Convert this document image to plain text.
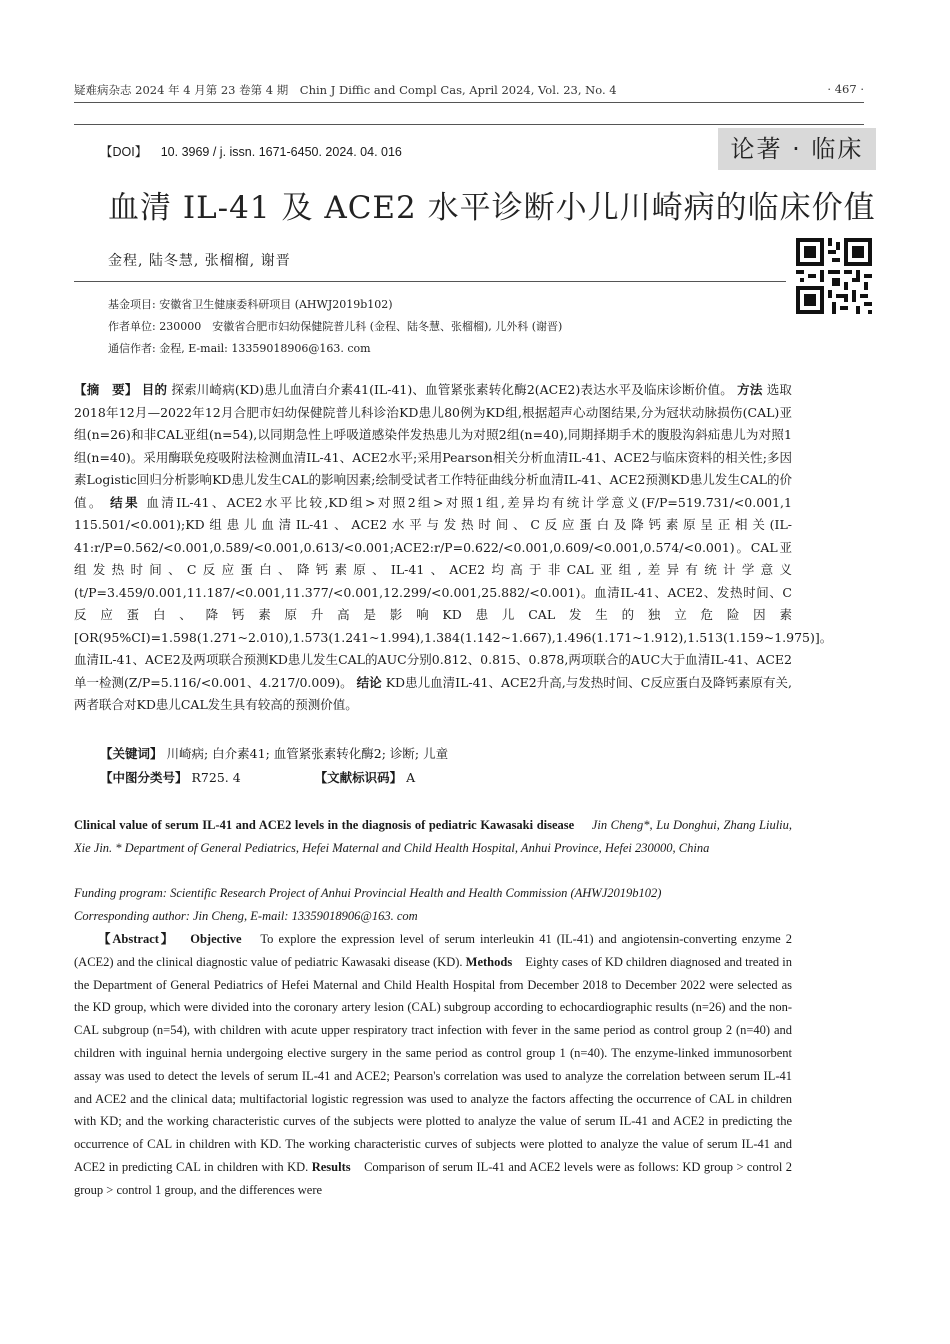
疑难病杂志 2024 年 4 月第 23 卷第 4 期　Chin J Diffic and Compl Cas, April 2024, Vol. 23, No. 4	· 467 ·
【DOI】 10. 3969 / j. issn. 1671-6450. 2024. 04. 016	论著 · 临床
血清 IL-41 及 ACE2 水平诊断小儿川崎病的临床价值
金程, 陆冬慧, 张榴榴, 谢晋
基金项目: 安徽省卫生健康委科研项目 (AHWJ2019b102)
作者单位: 230000　安徽省合肥市妇幼保健院普儿科 (金程、陆冬慧、张榴榴), 儿外科 (谢晋)
通信作者: 金程, E-mail: 13359018906@163. com
【摘　要】 目的 探索川崎病(KD)患儿血清白介素41(IL-41)、血管紧张素转化酶2(ACE2)表达水平及临床诊断价值。 方法 选取2018年12月—2022年12月合肥市妇幼保健院普儿科诊治KD患儿80例为KD组,根据超声心动图结果,分为冠状动脉损伤(CAL)亚组(n=26)和非CAL亚组(n=54),以同期急性上呼吸道感染伴发热患儿为对照2组(n=40),同期择期手术的腹股沟斜疝患儿为对照1组(n=40)。采用酶联免疫吸附法检测血清IL-41、ACE2水平;采用Pearson相关分析血清IL-41、ACE2与临床资料的相关性;多因素Logistic回归分析影响KD患儿发生CAL的影响因素;绘制受试者工作特征曲线分析血清IL-41、ACE2预测KD患儿发生CAL的价值。 结果 血清IL-41、ACE2水平比较,KD组>对照2组>对照1组,差异均有统计学意义(F/P=519.731/<0.001,1 115.501/<0.001);KD组患儿血清IL-41、ACE2水平与发热时间、C反应蛋白及降钙素原呈正相关(IL-41:r/P=0.562/<0.001,0.589/<0.001,0.613/<0.001;ACE2:r/P=0.622/<0.001,0.609/<0.001,0.574/<0.001)。CAL亚组发热时间、C反应蛋白、降钙素原、IL-41、ACE2均高于非CAL亚组,差异有统计学意义(t/P=3.459/0.001,11.187/<0.001,11.377/<0.001,12.299/<0.001,25.882/<0.001)。血清IL-41、ACE2、发热时间、C反应蛋白、降钙素原升高是影响KD患儿CAL发生的独立危险因素[OR(95%CI)=1.598(1.271~2.010),1.573(1.241~1.994),1.384(1.142~1.667),1.496(1.171~1.912),1.513(1.159~1.975)]。血清IL-41、ACE2及两项联合预测KD患儿发生CAL的AUC分别0.812、0.815、0.878,两项联合的AUC大于血清IL-41、ACE2单一检测(Z/P=5.116/<0.001、4.217/0.009)。 结论 KD患儿血清IL-41、ACE2升高,与发热时间、C反应蛋白及降钙素原有关,两者联合对KD患儿CAL发生具有较高的预测价值。
【关键词】 川崎病; 白介素41; 血管紧张素转化酶2; 诊断; 儿童
【中图分类号】 R725. 4	【文献标识码】 A
Clinical value of serum IL-41 and ACE2 levels in the diagnosis of pediatric Kawasaki disease Jin Cheng*, Lu Donghui, Zhang Liuliu, Xie Jin. * Department of General Pediatrics, Hefei Maternal and Child Health Hospital, Anhui Province, Hefei 230000, China
Funding program: Scientific Research Project of Anhui Provincial Health and Health Commission (AHWJ2019b102)
Corresponding author: Jin Cheng, E-mail: 13359018906@163. com
【Abstract】 Objective To explore the expression level of serum interleukin 41 (IL-41) and angiotensin-converting enzyme 2 (ACE2) and the clinical diagnostic value of pediatric Kawasaki disease (KD). Methods Eighty cases of KD children diagnosed and treated in the Department of General Pediatrics of Hefei Maternal and Child Health Hospital from December 2018 to December 2022 were selected as the KD group, which were divided into the coronary artery lesion (CAL) subgroup according to echocardiographic results (n=26) and the non-CAL subgroup (n=54), with children with acute upper respiratory tract infection with fever in the same period as control group 2 (n=40) and children with inguinal hernia undergoing elective surgery in the same period as control group 1 (n=40). The enzyme-linked immunosorbent assay was used to detect the levels of serum IL-41 and ACE2; Pearson's correlation was used to analyze the correlation between serum IL-41 and ACE2 and the clinical data; multifactorial logistic regression was used to analyze the factors affecting the occurrence of CAL in children with KD; and the working characteristic curves of the subjects were plotted to analyze the value of serum IL-41 and ACE2 in predicting the occurrence of CAL in children with KD. The working characteristic curves of subjects were plotted to analyze the value of serum IL-41 and ACE2 in predicting CAL in children with KD. Results Comparison of serum IL-41 and ACE2 levels were as follows: KD group > control 2 group > control 1 group, and the differences were
